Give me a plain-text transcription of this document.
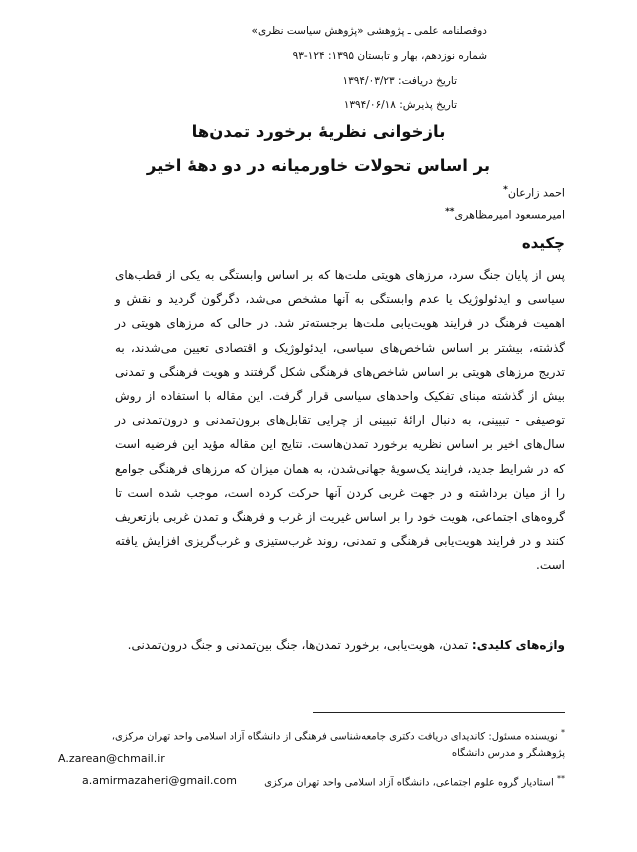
دوفصلنامه علمی ـ پژوهشی «پژوهش سیاست نظری»
شماره نوزدهم، بهار و تابستان ۱۳۹۵: ۱۲۴-۹۳
تاریخ دریافت: ۱۳۹۴/۰۳/۲۳
تاریخ پذیرش: ۱۳۹۴/۰۶/۱۸
بازخوانی نظریهٔ برخورد تمدن‌ها
بر اساس تحولات خاورمیانه در دو دههٔ اخیر
احمد زارعان*
امیرمسعود امیرمظاهری**
چکیده

پس از پایان جنگ سرد، مرزهای هویتی ملت‌ها که بر اساس وابستگی به یکی از قطب‌های سیاسی و ایدئولوژیک یا عدم وابستگی به آنها مشخص می‌شد، دگرگون گردید و نقش و اهمیت فرهنگ در فرایند هویت‌یابی ملت‌ها برجسته‌تر شد. در حالی که مرزهای هویتی در گذشته، بیشتر بر اساس شاخص‌های سیاسی، ایدئولوژیک و اقتصادی تعیین می‌شدند، به تدریج مرزهای هویتی بر اساس شاخص‌های فرهنگی شکل گرفتند و هویت فرهنگی و تمدنی بیش از گذشته مبنای تفکیک واحدهای سیاسی قرار گرفت. این مقاله با استفاده از روش توصیفی - تبیینی، به دنبال ارائهٔ تبیینی از چرایی تقابل‌های برون‌تمدنی و درون‌تمدنی در سال‌های اخیر بر اساس نظریه برخورد تمدن‌هاست. نتایج این مقاله مؤید این فرضیه است که در شرایط جدید، فرایند یک‌سویهٔ جهانی‌شدن، به همان میزان که مرزهای فرهنگی جوامع را از میان برداشته و در جهت غربی کردن آنها حرکت کرده است، موجب شده است تا گروه‌های اجتماعی، هویت خود را بر اساس غیریت از غرب و فرهنگ و تمدن غربی بازتعریف کنند و در فرایند هویت‌یابی فرهنگی و تمدنی، روند غرب‌ستیزی و غرب‌گریزی افزایش یافته است.

واژه‌های کلیدی: تمدن، هویت‌یابی، برخورد تمدن‌ها، جنگ بین‌تمدنی و جنگ درون‌تمدنی.

* نویسنده مسئول: کاندیدای دریافت دکتری جامعه‌شناسی فرهنگی از دانشگاه آزاد اسلامی واحد تهران مرکزی،
پژوهشگر و مدرس دانشگاه
A.zarean@chmail.ir
** استادیار گروه علوم اجتماعی، دانشگاه آزاد اسلامی واحد تهران مرکزی
a.amirmazaheri@gmail.com
